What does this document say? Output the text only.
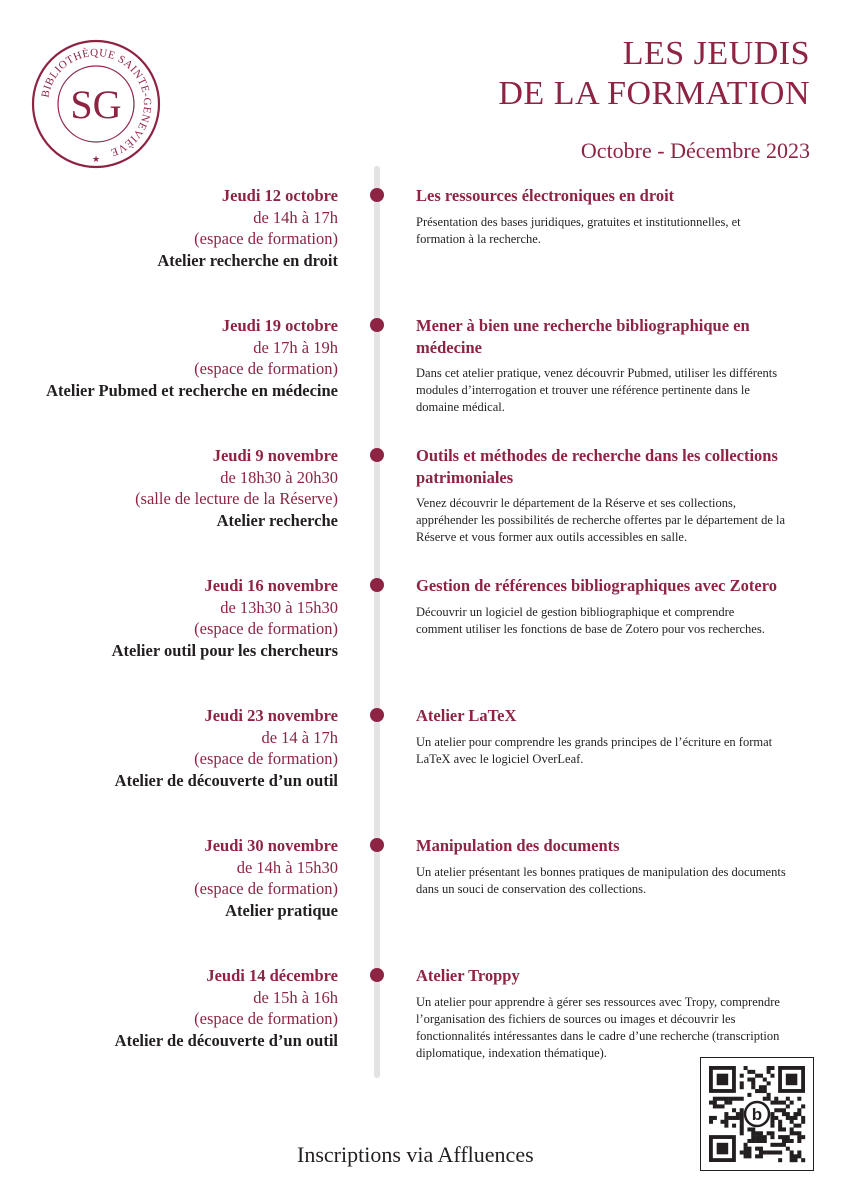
BIBLIOTHÈQUE SAINTE-GENEVIÈVE
SG
★
LES JEUDIS
DE LA FORMATION
Octobre - Décembre 2023
Jeudi 12 octobre
de 14h à 17h
(espace de formation)
Atelier recherche en droit
Les ressources électroniques en droit
Présentation des bases juridiques, gratuites et institutionnelles, et
formation à la recherche.
Jeudi 19 octobre
de 17h à 19h
(espace de formation)
Atelier Pubmed et recherche en médecine
Mener à bien une recherche bibliographique en médecine
Dans cet atelier pratique, venez découvrir Pubmed, utiliser les différents
modules d’interrogation et trouver une référence pertinente dans le
domaine médical.
Jeudi 9 novembre
de 18h30 à 20h30
(salle de lecture de la Réserve)
Atelier recherche
Outils et méthodes de recherche dans les collections
patrimoniales
Venez découvrir le département de la Réserve et ses collections,
appréhender les possibilités de recherche offertes par le département de la
Réserve et vous former aux outils accessibles en salle.
Jeudi 16 novembre
de 13h30 à 15h30
(espace de formation)
Atelier outil pour les chercheurs
Gestion de références bibliographiques avec Zotero
Découvrir un logiciel de gestion bibliographique et comprendre
comment utiliser les fonctions de base de Zotero pour vos recherches.
Jeudi 23 novembre
de 14 à 17h
(espace de formation)
Atelier de découverte d’un outil
Atelier LaTeX
Un atelier pour comprendre les grands principes de l’écriture en format
LaTeX avec le logiciel OverLeaf.
Jeudi 30 novembre
de 14h à 15h30
(espace de formation)
Atelier pratique
Manipulation des documents
Un atelier présentant les bonnes pratiques de manipulation des documents
dans un souci de conservation des collections.
Jeudi 14 décembre
de 15h à 16h
(espace de formation)
Atelier de découverte d’un outil
Atelier Troppy
Un atelier pour apprendre à gérer ses ressources avec Tropy, comprendre
l’organisation des fichiers de sources ou images et découvrir les
fonctionnalités intéressantes dans le cadre d’une recherche (transcription
diplomatique, indexation thématique).
Inscriptions via Affluences
b
